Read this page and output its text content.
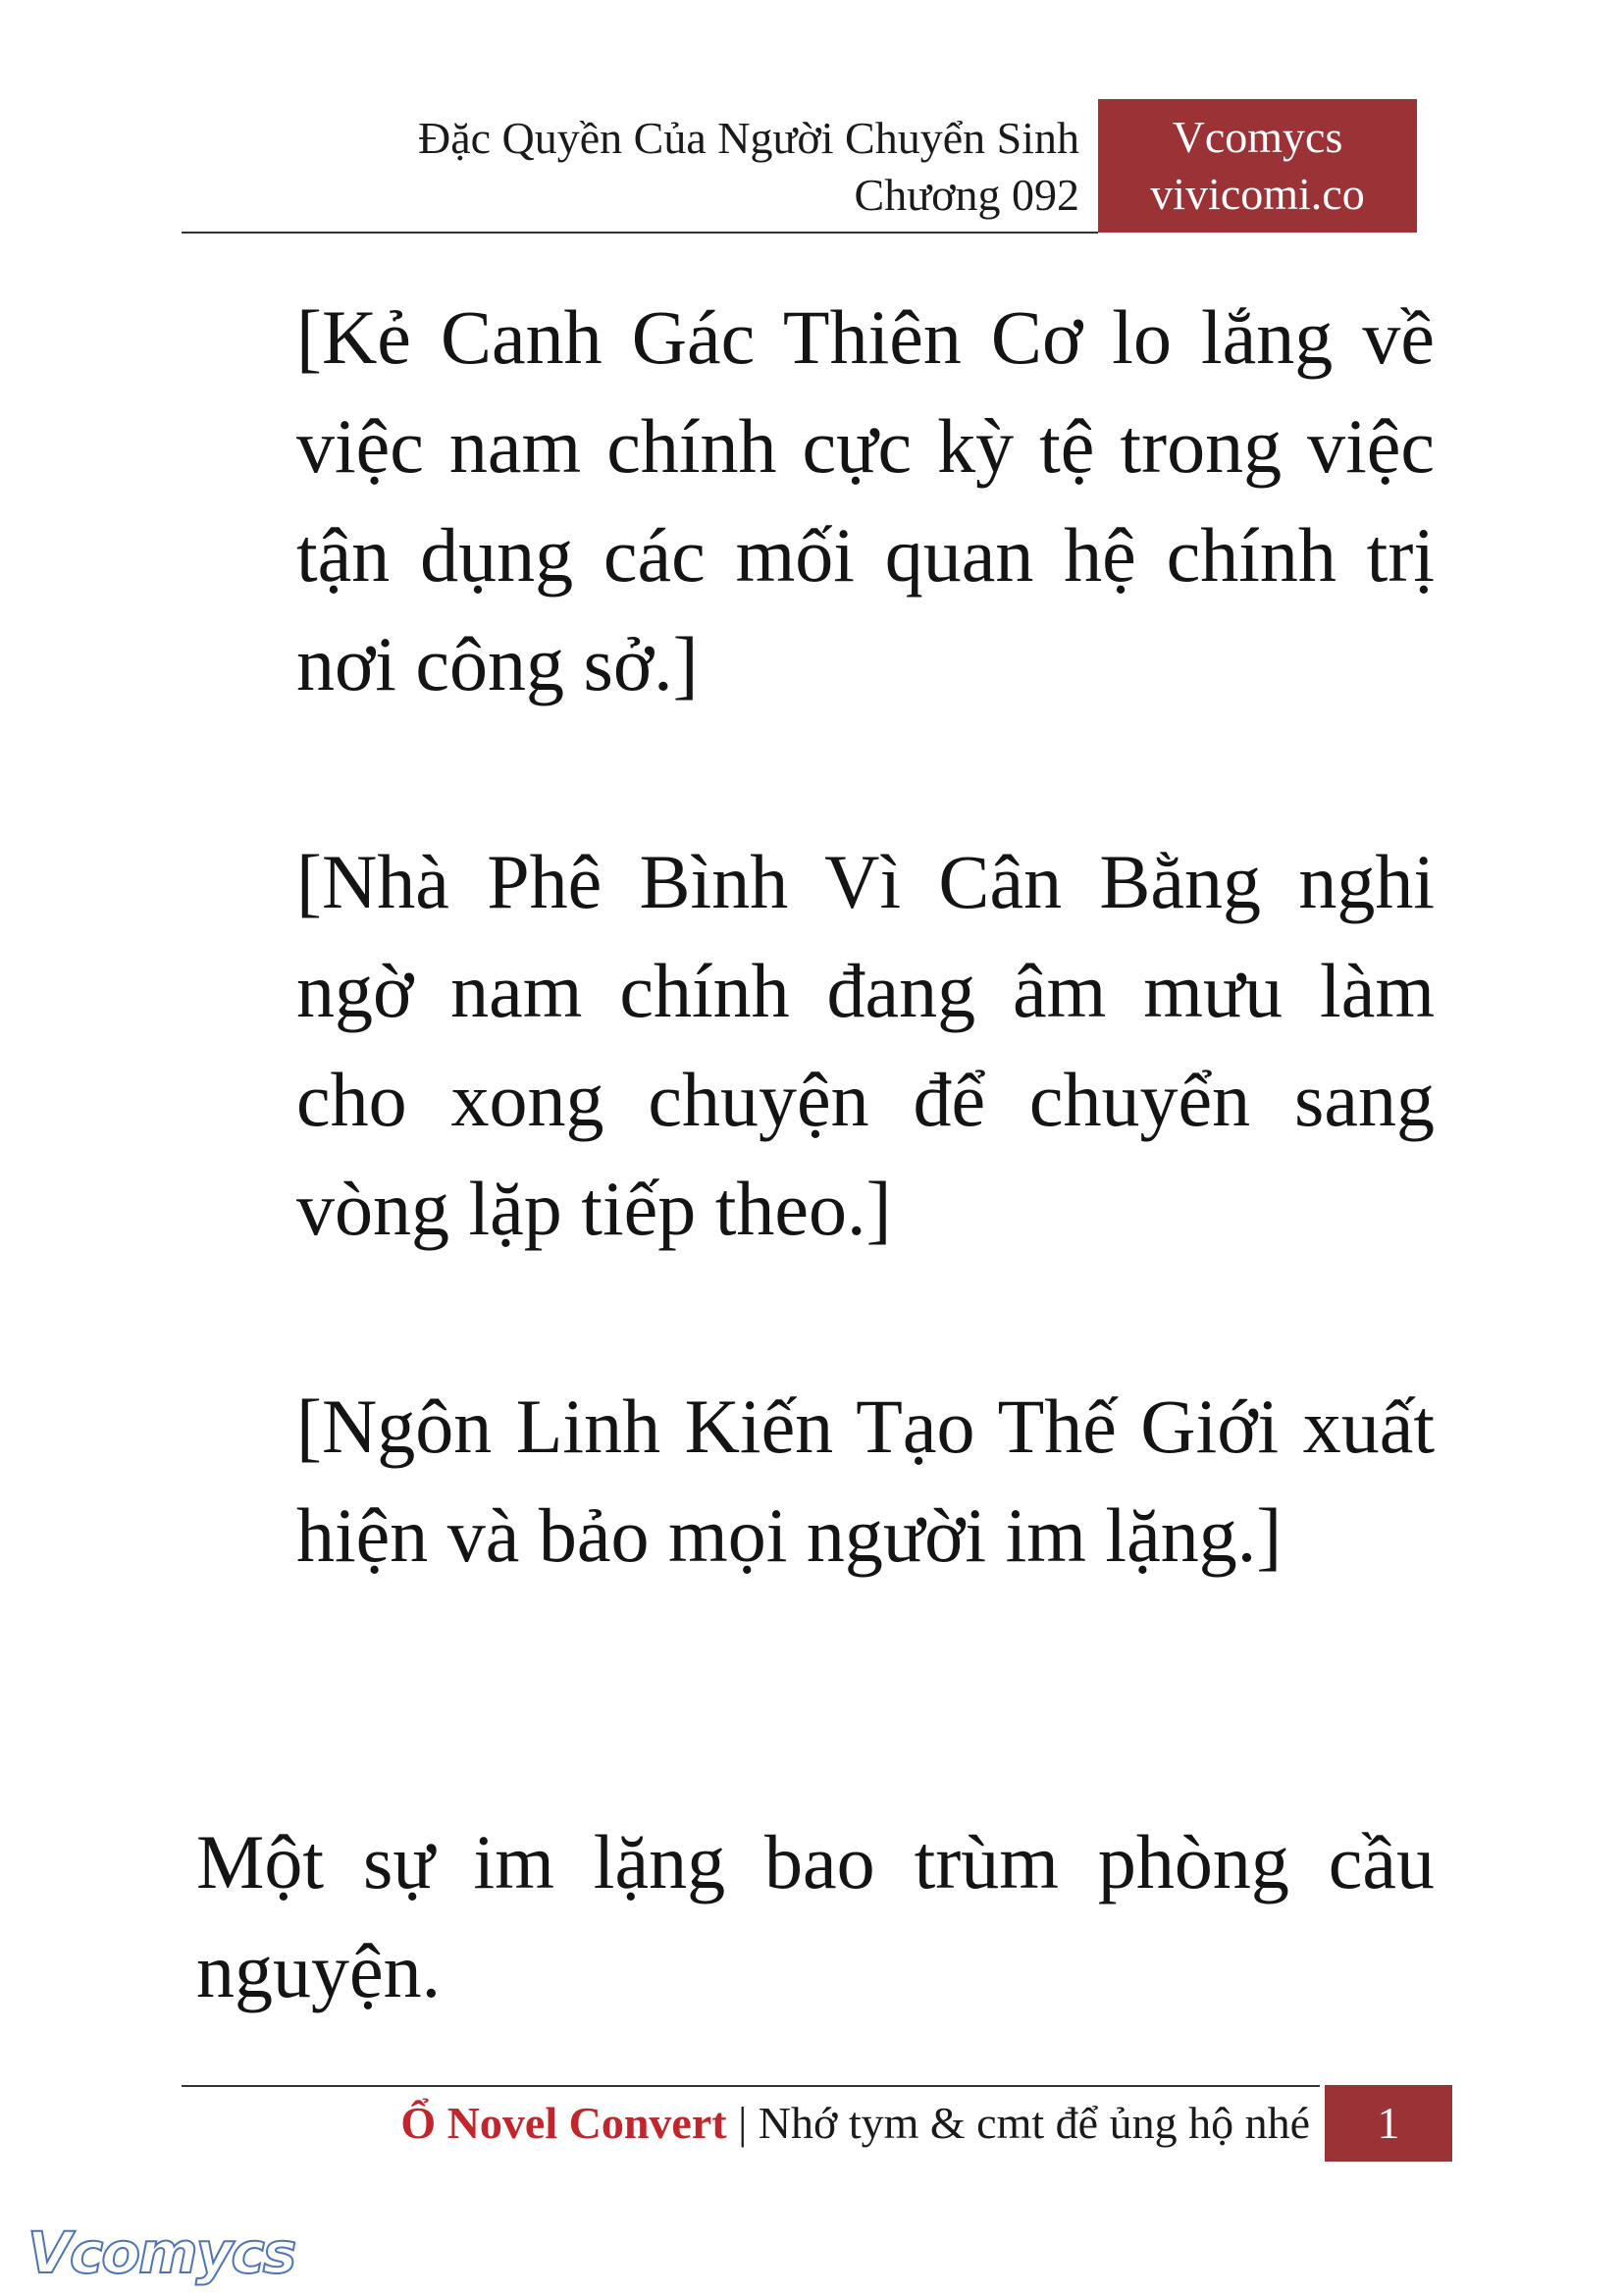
Đặc Quyền Của Người Chuyển Sinh
Chương 092
Vcomycs
vivicomi.co

[Kẻ Canh Gác Thiên Cơ lo lắng về việc nam chính cực kỳ tệ trong việc tận dụng các mối quan hệ chính trị nơi công sở.]

[Nhà Phê Bình Vì Cân Bằng nghi ngờ nam chính đang âm mưu làm cho xong chuyện để chuyển sang vòng lặp tiếp theo.]

[Ngôn Linh Kiến Tạo Thế Giới xuất hiện và bảo mọi người im lặng.]

Một sự im lặng bao trùm phòng cầu nguyện.

Ổ Novel Convert | Nhớ tym & cmt để ủng hộ nhé	1
Vcomycs
